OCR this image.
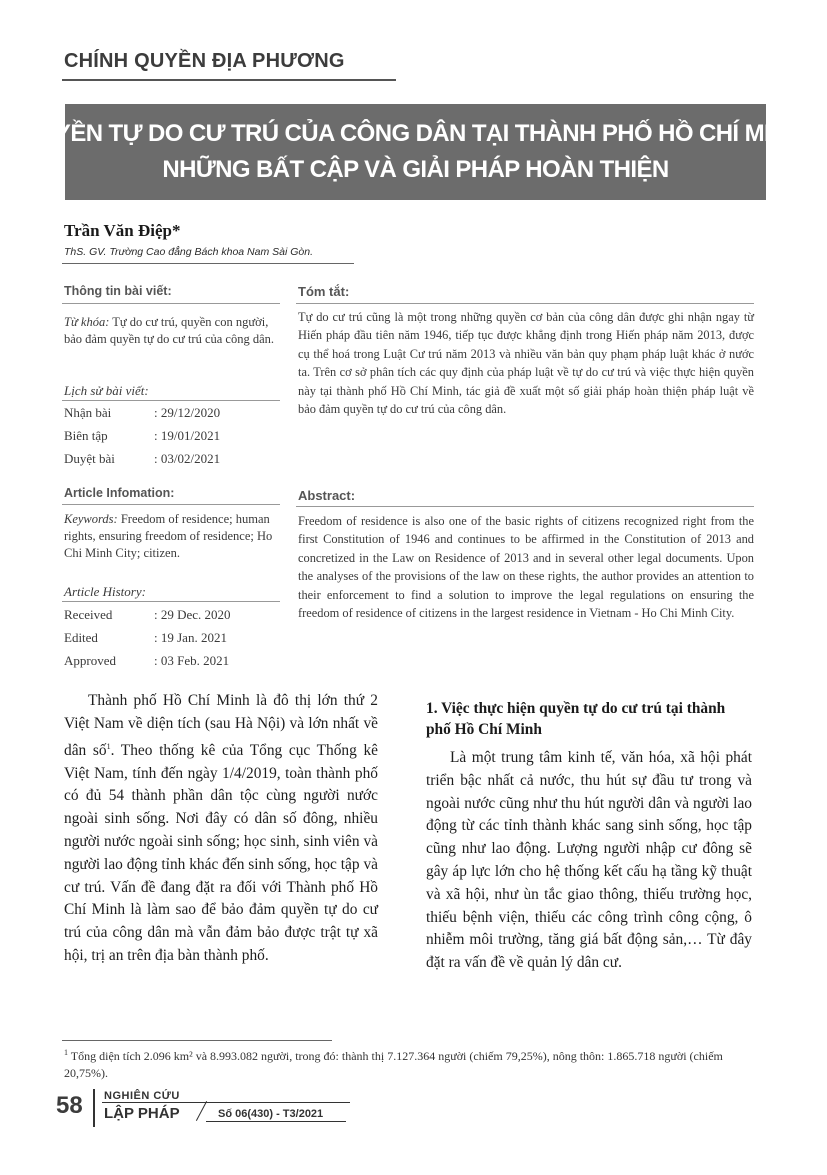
CHÍNH QUYỀN ĐỊA PHƯƠNG
QUYỀN TỰ DO CƯ TRÚ CỦA CÔNG DÂN TẠI THÀNH PHỐ HỒ CHÍ MINH:
NHỮNG BẤT CẬP VÀ GIẢI PHÁP HOÀN THIỆN
Trần Văn Điệp*
ThS. GV. Trường Cao đẳng Bách khoa Nam Sài Gòn.
Thông tin bài viết:
Từ khóa: Tự do cư trú, quyền con người, bảo đảm quyền tự do cư trú của công dân.
Lịch sử bài viết:
Nhận bài	: 29/12/2020
Biên tập	: 19/01/2021
Duyệt bài	: 03/02/2021
Tóm tắt:
Tự do cư trú cũng là một trong những quyền cơ bản của công dân được ghi nhận ngay từ Hiến pháp đầu tiên năm 1946, tiếp tục được khẳng định trong Hiến pháp năm 2013, được cụ thể hoá trong Luật Cư trú năm 2013 và nhiều văn bản quy phạm pháp luật khác ở nước ta. Trên cơ sở phân tích các quy định của pháp luật về tự do cư trú và việc thực hiện quyền này tại thành phố Hồ Chí Minh, tác giả đề xuất một số giải pháp hoàn thiện pháp luật về bảo đảm quyền tự do cư trú của công dân.
Article Infomation:
Keywords: Freedom of residence; human rights, ensuring freedom of residence; Ho Chi Minh City; citizen.
Article History:
Received	: 29 Dec. 2020
Edited	: 19 Jan. 2021
Approved	: 03 Feb. 2021
Abstract:
Freedom of residence is also one of the basic rights of citizens recognized right from the first Constitution of 1946 and continues to be affirmed in the Constitution of 2013 and concretized in the Law on Residence of 2013 and in several other legal documents. Upon the analyses of the provisions of the law on these rights, the author provides an attention to their enforcement to find a solution to improve the legal regulations on ensuring the freedom of residence of citizens in the largest residence in Vietnam - Ho Chi Minh City.
Thành phố Hồ Chí Minh là đô thị lớn thứ 2 Việt Nam về diện tích (sau Hà Nội) và lớn nhất về dân số$^1$. Theo thống kê của Tổng cục Thống kê Việt Nam, tính đến ngày 1/4/2019, toàn thành phố có đủ 54 thành phần dân tộc cùng người nước ngoài sinh sống. Nơi đây có dân số đông, nhiều người nước ngoài sinh sống; học sinh, sinh viên và người lao động tỉnh khác đến sinh sống, học tập và cư trú. Vấn đề đang đặt ra đối với Thành phố Hồ Chí Minh là làm sao để bảo đảm quyền tự do cư trú của công dân mà vẫn đảm bảo được trật tự xã hội, trị an trên địa bàn thành phố.
1. Việc thực hiện quyền tự do cư trú tại thành phố Hồ Chí Minh
Là một trung tâm kinh tế, văn hóa, xã hội phát triển bậc nhất cả nước, thu hút sự đầu tư trong và ngoài nước cũng như thu hút người dân và người lao động từ các tỉnh thành khác sang sinh sống, học tập cũng như lao động. Lượng người nhập cư đông sẽ gây áp lực lớn cho hệ thống kết cấu hạ tầng kỹ thuật và xã hội, như ùn tắc giao thông, thiếu trường học, thiếu bệnh viện, thiếu các công trình công cộng, ô nhiễm môi trường, tăng giá bất động sản,… Từ đây đặt ra vấn đề về quản lý dân cư.
$^1$ Tổng diện tích 2.096 km² và 8.993.082 người, trong đó: thành thị 7.127.364 người (chiếm 79,25%), nông thôn: 1.865.718 người (chiếm 20,75%).
58 NGHIÊN CỨU
LẬP PHÁP	Số 06(430) - T3/2021
